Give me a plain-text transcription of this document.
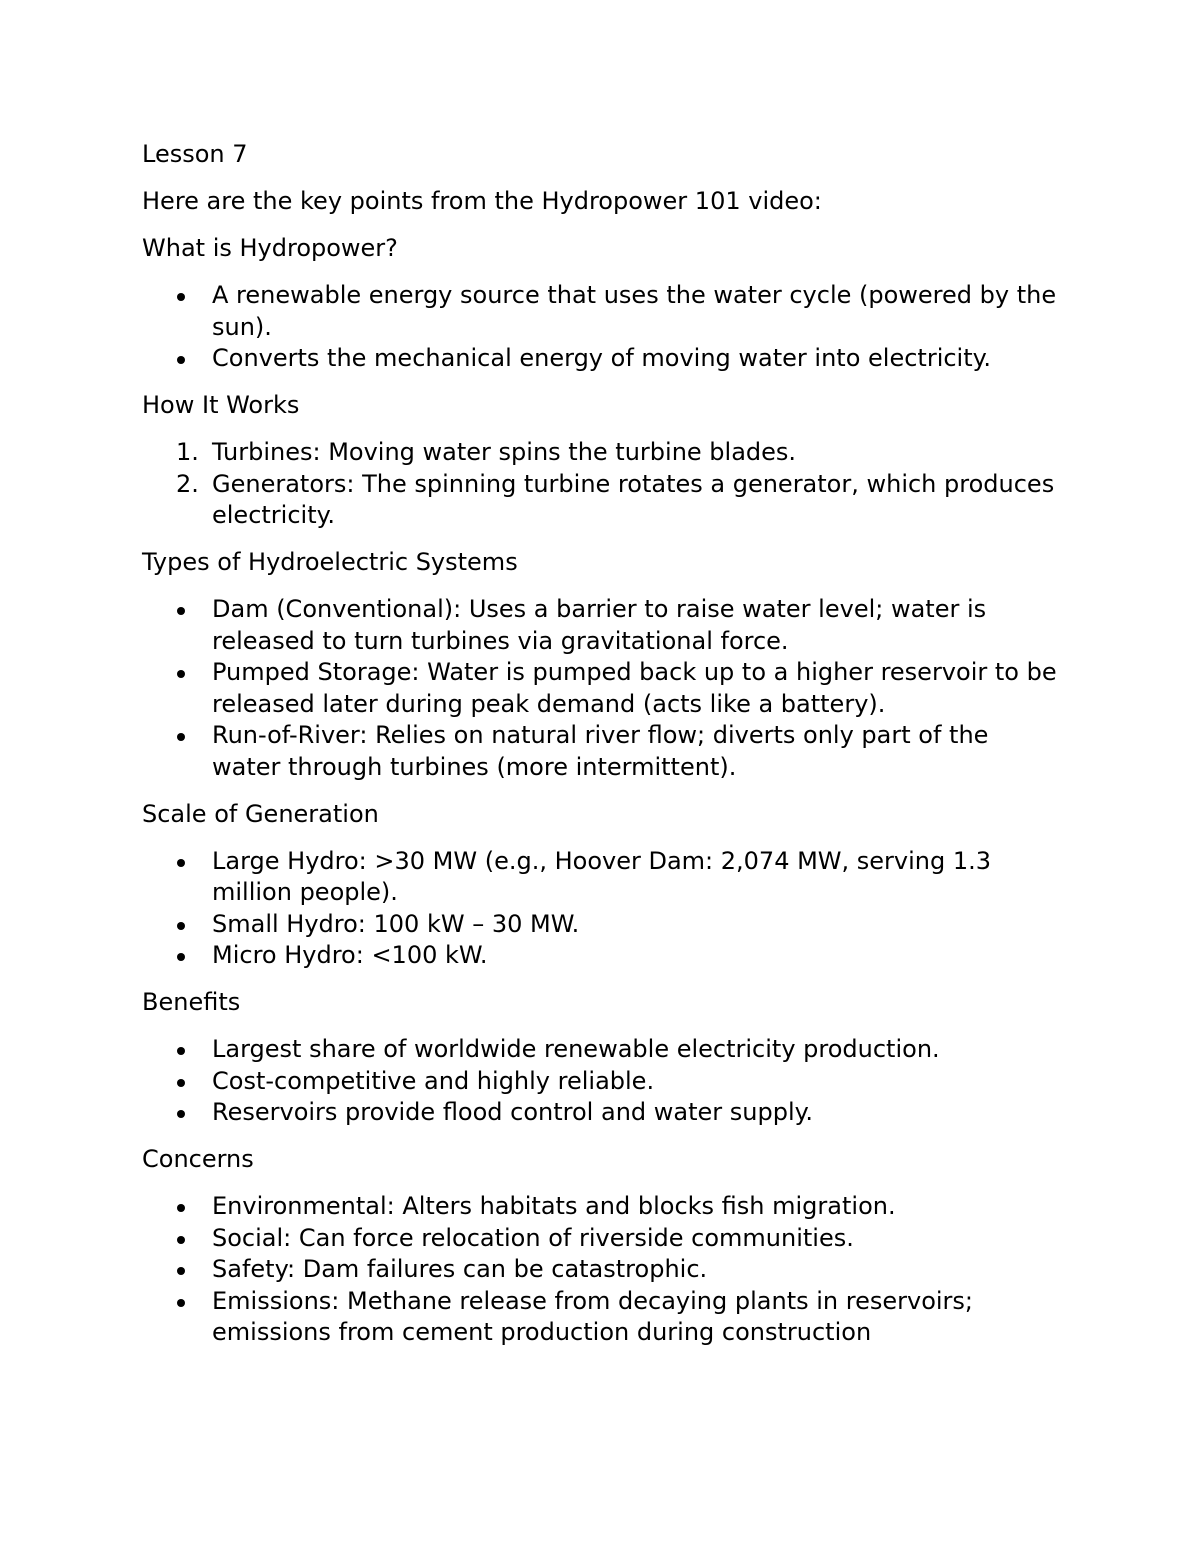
Lesson 7

Here are the key points from the Hydropower 101 video:

What is Hydropower?

A renewable energy source that uses the water cycle (powered by the sun).
Converts the mechanical energy of moving water into electricity.

How It Works

1. Turbines: Moving water spins the turbine blades.
2. Generators: The spinning turbine rotates a generator, which produces electricity.

Types of Hydroelectric Systems

Dam (Conventional): Uses a barrier to raise water level; water is released to turn turbines via gravitational force.
Pumped Storage: Water is pumped back up to a higher reservoir to be released later during peak demand (acts like a battery).
Run-of-River: Relies on natural river flow; diverts only part of the water through turbines (more intermittent).

Scale of Generation

Large Hydro: >30 MW (e.g., Hoover Dam: 2,074 MW, serving 1.3 million people).
Small Hydro: 100 kW – 30 MW.
Micro Hydro: <100 kW.

Benefits

Largest share of worldwide renewable electricity production.
Cost-competitive and highly reliable.
Reservoirs provide flood control and water supply.

Concerns

Environmental: Alters habitats and blocks fish migration.
Social: Can force relocation of riverside communities.
Safety: Dam failures can be catastrophic.
Emissions: Methane release from decaying plants in reservoirs; emissions from cement production during construction
